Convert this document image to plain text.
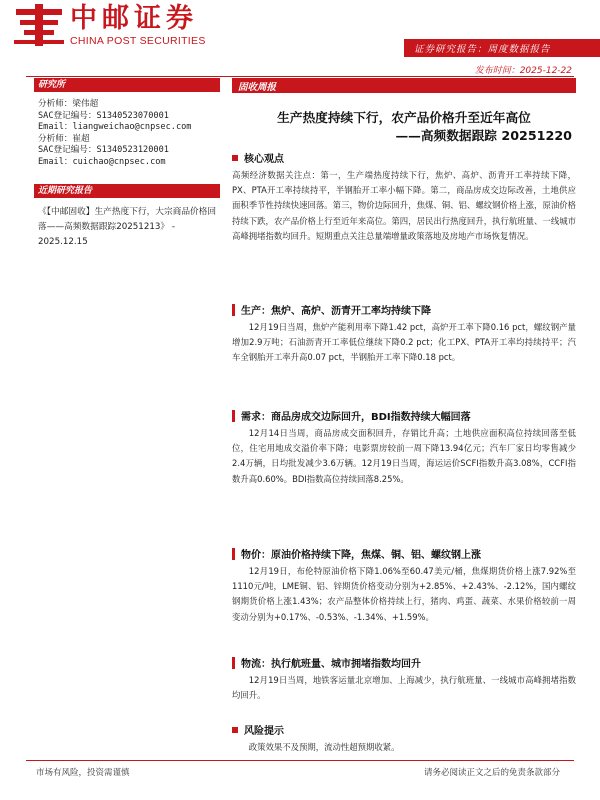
中邮证券
CHINA POST SECURITIES
证券研究报告：周度数据报告
发布时间：2025-12-22
研究所
分析师：梁伟超
SAC登记编号：S1340523070001
Email：liangweichao@cnpsec.com
分析师：崔超
SAC登记编号：S1340523120001
Email：cuichao@cnpsec.com
近期研究报告
《【中邮固收】生产热度下行，大宗商品价格回落——高频数据跟踪20251213》 - 2025.12.15
固收周报
生产热度持续下行，农产品价格升至近年高位
——高频数据跟踪 20251220
核心观点
高频经济数据关注点：第一，生产端热度持续下行，焦炉、高炉、沥青开工率持续下降，PX、PTA开工率持续持平，半钢胎开工率小幅下降。第二，商品房成交边际改善，土地供应面积季节性持续快速回落。第三，物价边际回升，焦煤、铜、铝、螺纹钢价格上涨，原油价格持续下跌，农产品价格上行至近年来高位。第四，居民出行热度回升，执行航班量、一线城市高峰拥堵指数均回升。短期重点关注总量端增量政策落地及房地产市场恢复情况。
生产：焦炉、高炉、沥青开工率均持续下降
12月19日当周，焦炉产能利用率下降1.42 pct，高炉开工率下降0.16 pct，螺纹钢产量增加2.9万吨；石油沥青开工率低位继续下降0.2 pct；化工PX、PTA开工率均持续持平；汽车全钢胎开工率升高0.07 pct，半钢胎开工率下降0.18 pct。
需求：商品房成交边际回升，BDI指数持续大幅回落
12月14日当周，商品房成交面积回升，存销比升高；土地供应面积高位持续回落至低位，住宅用地成交溢价率下降；电影票房较前一周下降13.94亿元；汽车厂家日均零售减少2.4万辆，日均批发减少3.6万辆。12月19日当周，海运运价SCFI指数升高3.08%，CCFI指数升高0.60%。BDI指数高位持续回落8.25%。
物价：原油价格持续下降，焦煤、铜、铝、螺纹钢上涨
12月19日，布伦特原油价格下降1.06%至60.47美元/桶，焦煤期货价格上涨7.92%至1110元/吨，LME铜、铝、锌期货价格变动分别为+2.85%、+2.43%、-2.12%，国内螺纹钢期货价格上涨1.43%；农产品整体价格持续上行，猪肉、鸡蛋、蔬菜、水果价格较前一周变动分别为+0.17%、-0.53%、-1.34%、+1.59%。
物流：执行航班量、城市拥堵指数均回升
12月19日当周，地铁客运量北京增加、上海减少，执行航班量、一线城市高峰拥堵指数均回升。
风险提示
政策效果不及预期，流动性超预期收紧。
市场有风险，投资需谨慎	请务必阅读正文之后的免责条款部分
